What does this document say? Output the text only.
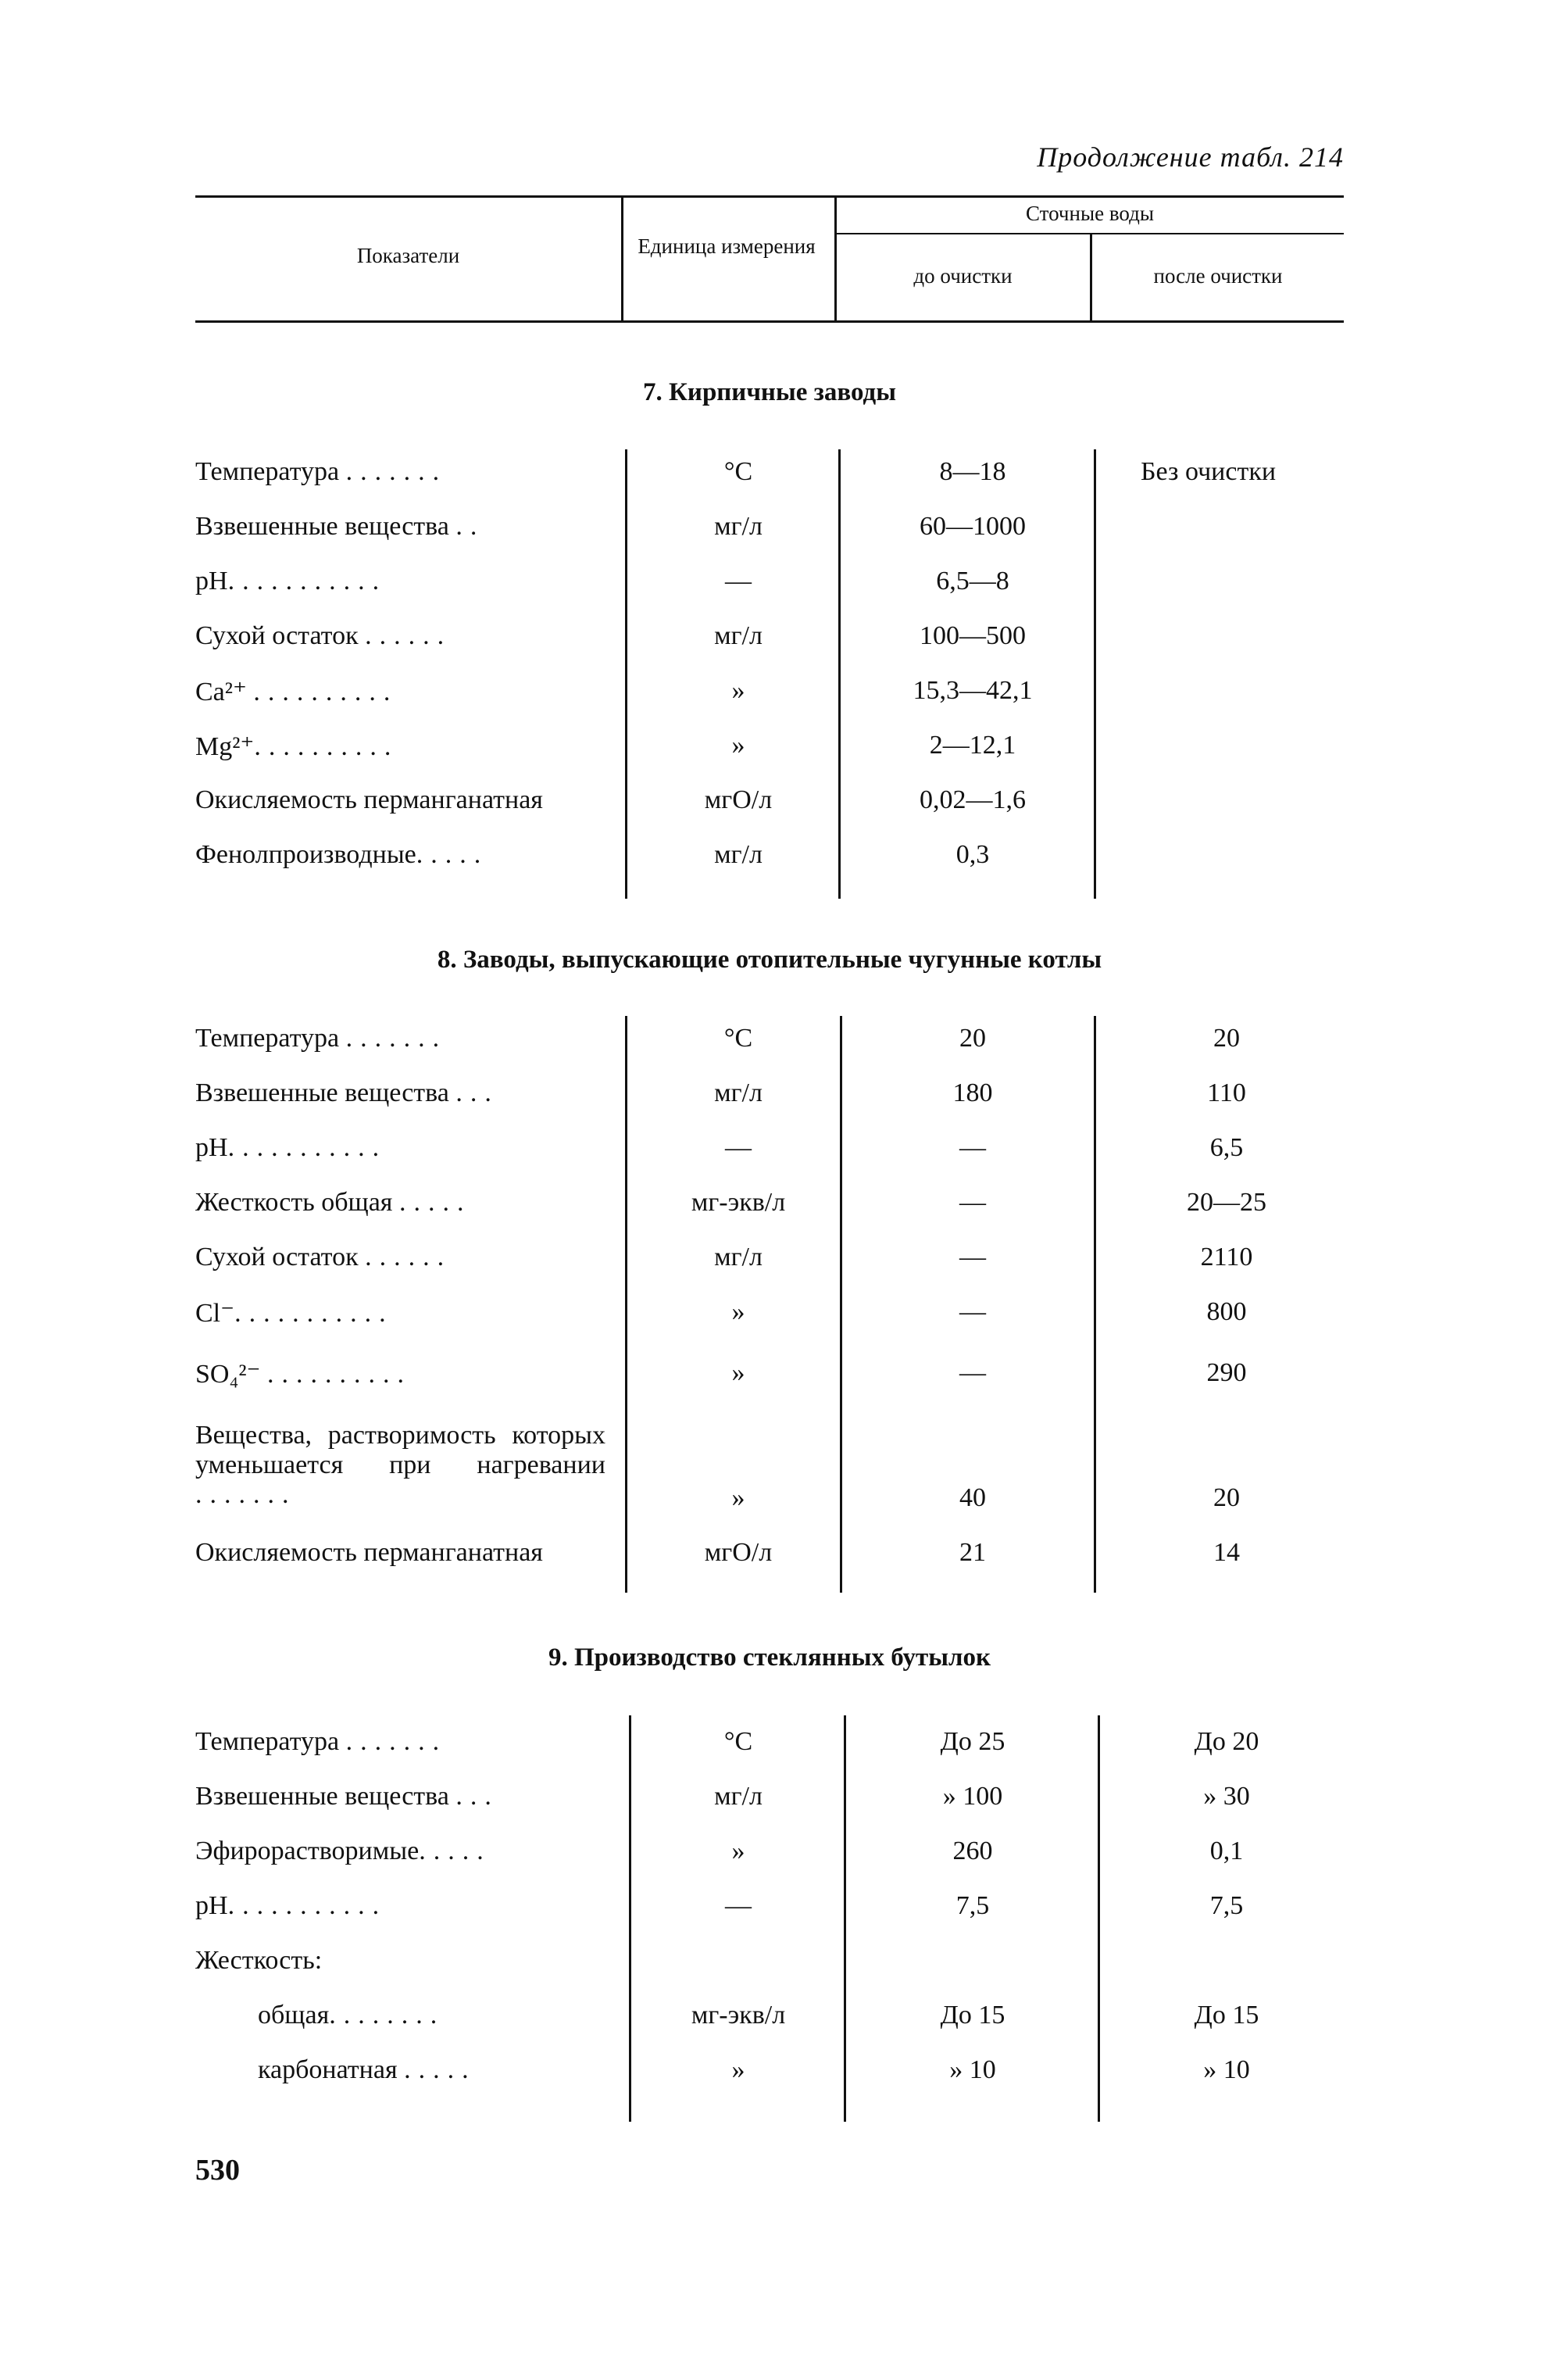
Продолжение табл. 214
Показатели	Единица измерения
Сточные воды
до очистки	после очистки
7. Кирпичные заводы
Температура .......	°C	8—18	Без очистки
Взвешенные вещества ..	мг/л	60—1000
pH...........	—	6,5—8
Сухой остаток ......	мг/л	100—500
Ca²⁺ ..........	»	15,3—42,1
Mg²⁺..........	»	2—12,1
Окисляемость перманганатная	мгО/л	0,02—1,6
Фенолпроизводные.....	мг/л	0,3
8. Заводы, выпускающие отопительные чугунные котлы
Температура .......	°C	20	20
Взвешенные вещества ...	мг/л	180	110
pH...........	—	—	6,5
Жесткость общая .....	мг-экв/л	—	20—25
Сухой остаток ......	мг/л	—	2110
Cl⁻...........	»	—	800
SO₄²⁻ ..........	»	—	290
Вещества, растворимость которых уменьшается при нагревании .......	»	40	20
Окисляемость перманганатная	мгО/л	21	14
9. Производство стеклянных бутылок
Температура .......	°C	До 25	До 20
Взвешенные вещества ...	мг/л	» 100	» 30
Эфирорастворимые.....	»	260	0,1
pH...........	—	7,5	7,5
Жесткость:
общая........	мг-экв/л	До 15	До 15
карбонатная .....	»	» 10	» 10
530
